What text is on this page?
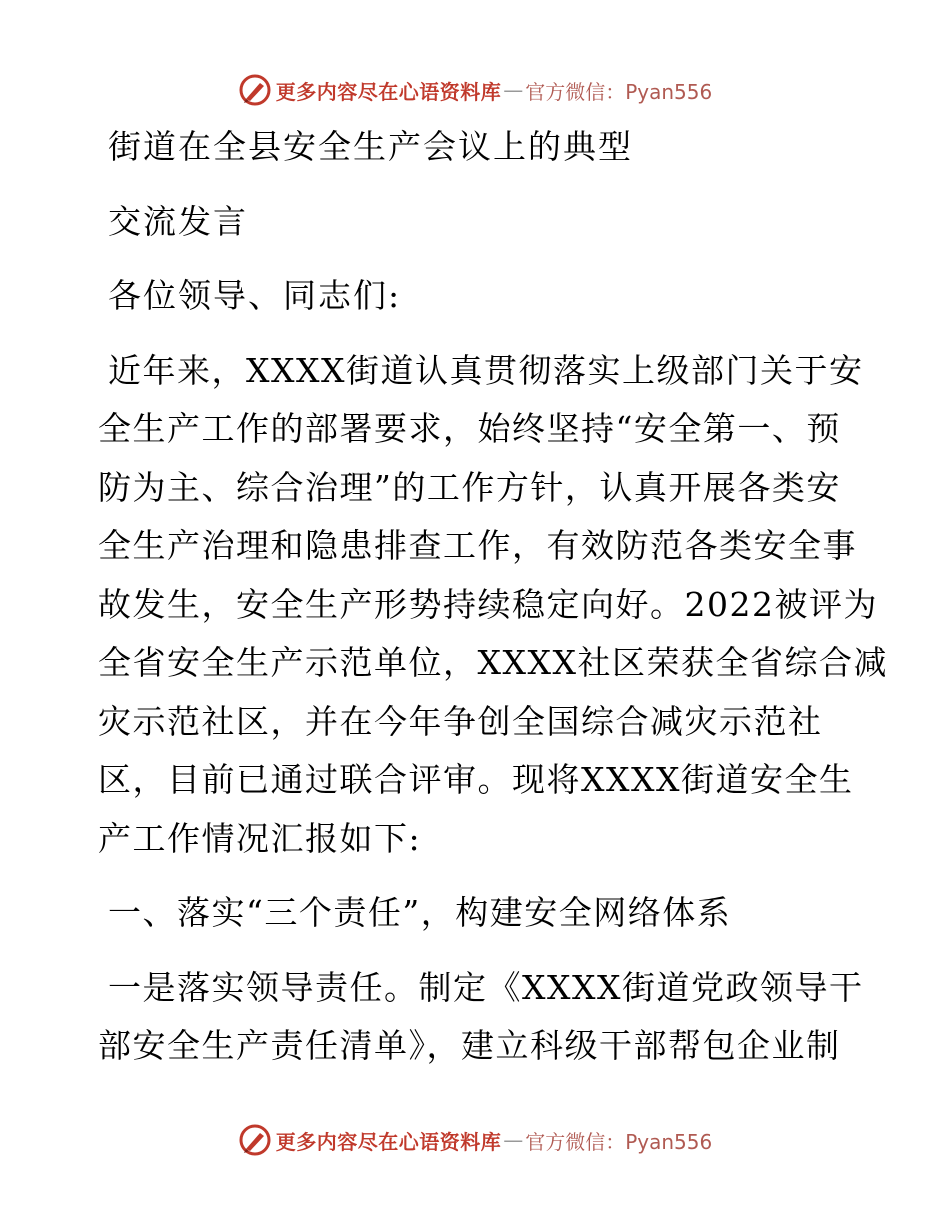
更多内容尽在心语资料库 — 官方微信：Pyan556
街道在全县安全生产会议上的典型
交流发言
各位领导、同志们:
近年来，XXXX街道认真贯彻落实上级部门关于安
全生产工作的部署要求，始终坚持“安全第一、预
防为主、综合治理”的工作方针，认真开展各类安
全生产治理和隐患排查工作，有效防范各类安全事
故发生，安全生产形势持续稳定向好。2022被评为
全省安全生产示范单位，XXXX社区荣获全省综合减
灾示范社区，并在今年争创全国综合减灾示范社
区，目前已通过联合评审。现将XXXX街道安全生
产工作情况汇报如下:
一、落实“三个责任”，构建安全网络体系
一是落实领导责任。制定《XXXX街道党政领导干
部安全生产责任清单》，建立科级干部帮包企业制
更多内容尽在心语资料库 — 官方微信：Pyan556
